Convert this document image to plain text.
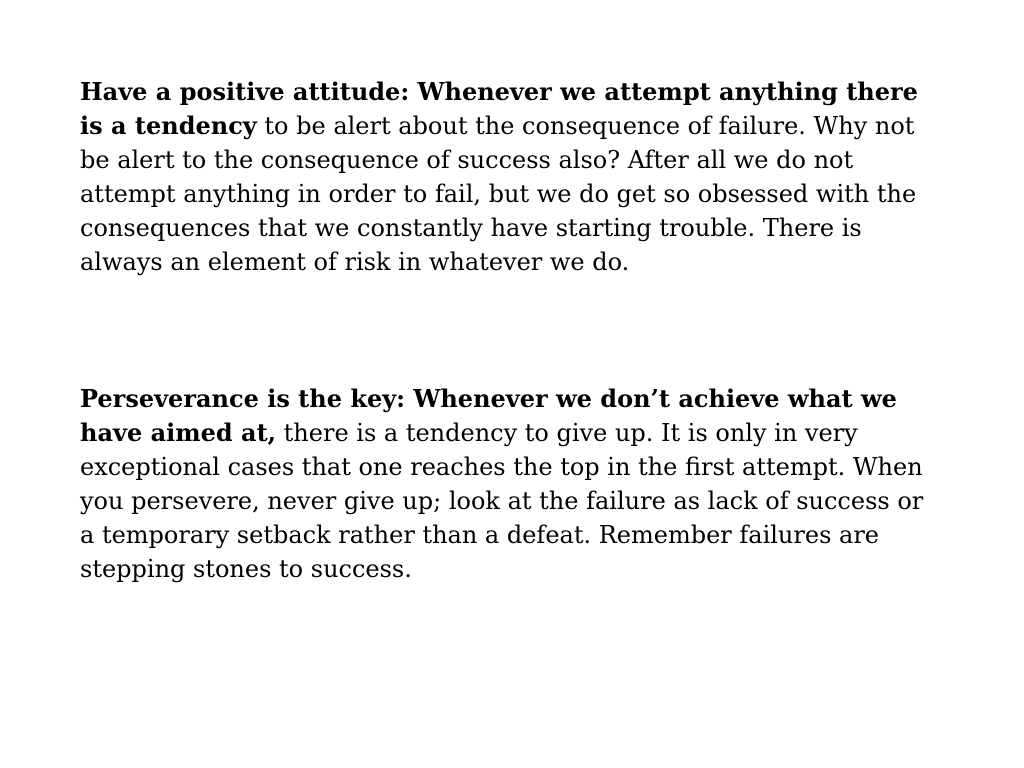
Have a positive attitude: Whenever we attempt anything there is a tendency to be alert about the consequence of failure. Why not be alert to the consequence of success also? After all we do not attempt anything in order to fail, but we do get so obsessed with the consequences that we constantly have starting trouble. There is always an element of risk in whatever we do.

Perseverance is the key: Whenever we don’t achieve what we have aimed at, there is a tendency to give up. It is only in very exceptional cases that one reaches the top in the first attempt. When you persevere, never give up; look at the failure as lack of success or a temporary setback rather than a defeat. Remember failures are stepping stones to success.
